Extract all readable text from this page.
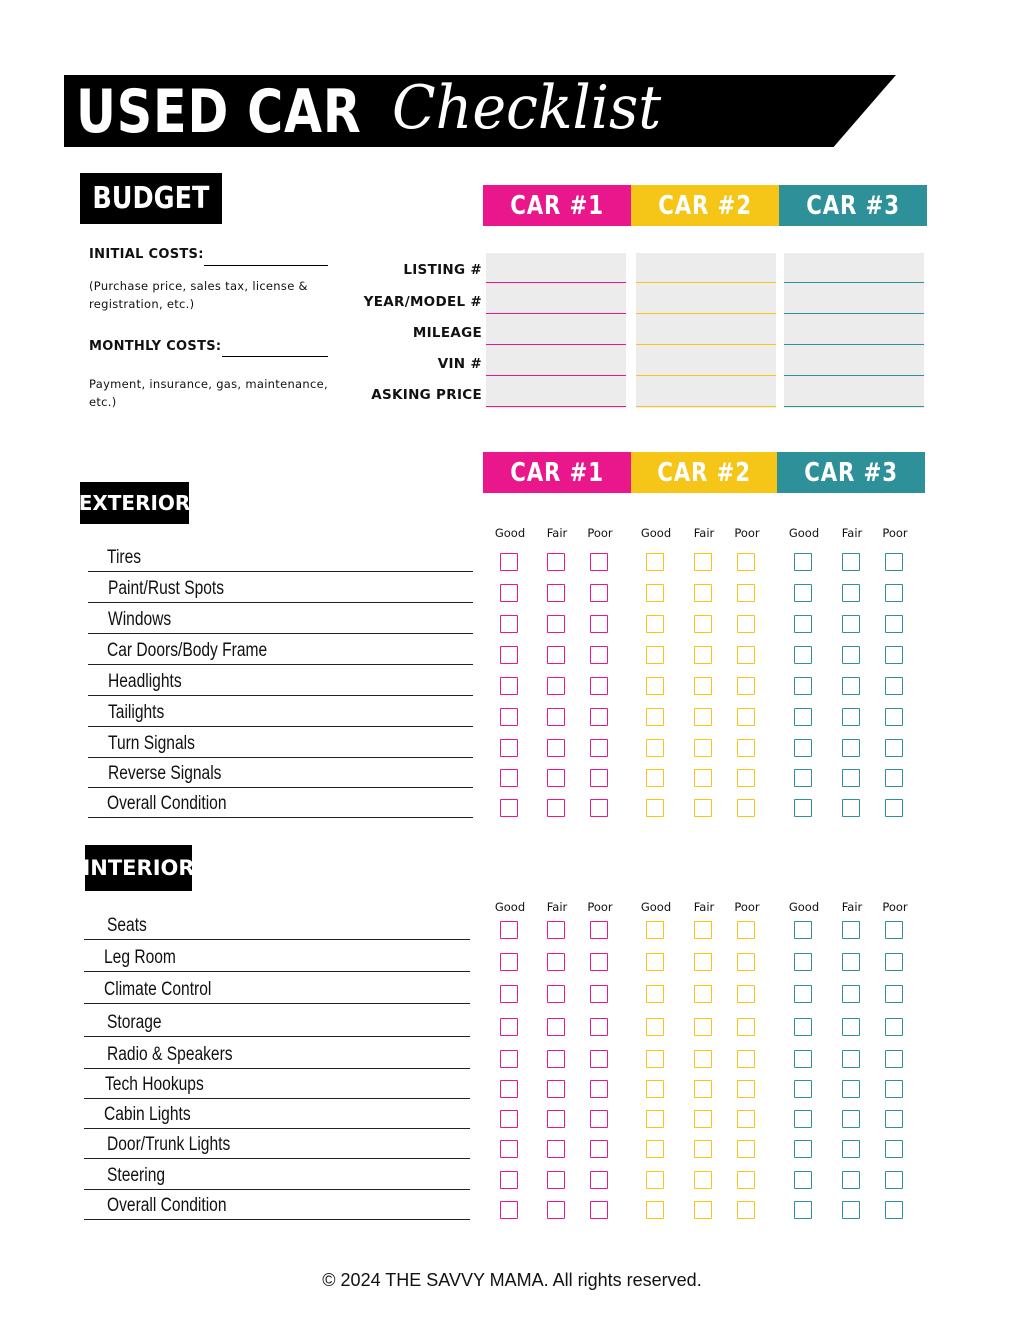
USED CAR Checklist
BUDGET
INITIAL COSTS:
(Purchase price, sales tax, license & registration, etc.)
MONTHLY COSTS:
Payment, insurance, gas, maintenance, etc.)
CAR #1 CAR #2 CAR #3
LISTING #
YEAR/MODEL #
MILEAGE
VIN #
ASKING PRICE
CAR #1 CAR #2 CAR #3
EXTERIOR
INTERIOR
Good	Fair	Poor	Good	Fair	Poor	Good	Fair	Poor
Tires
Paint/Rust Spots
Windows
Car Doors/Body Frame
Headlights
Tailights
Turn Signals
Reverse Signals
Overall Condition
Good	Fair	Poor	Good	Fair	Poor	Good	Fair	Poor
Seats
Leg Room
Climate Control
Storage
Radio & Speakers
Tech Hookups
Cabin Lights
Door/Trunk Lights
Steering
Overall Condition
© 2024 THE SAVVY MAMA. All rights reserved.
